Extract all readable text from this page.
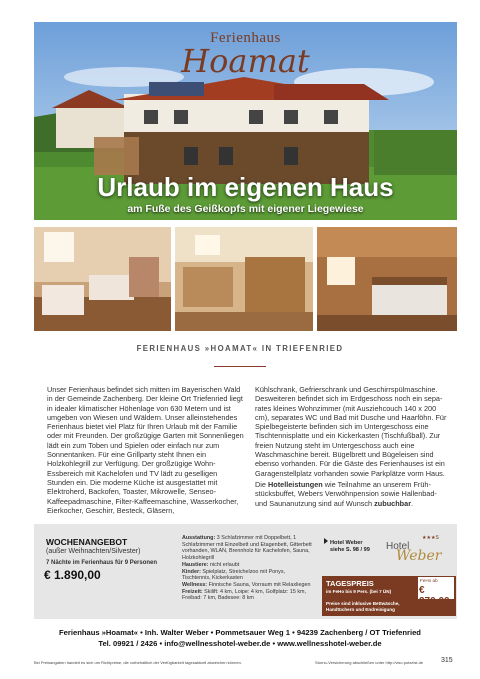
Ferienhaus
Hoamat
Urlaub im eigenen Haus
am Fuße des Geißkopfs mit eigener Liegewiese
FERIENHAUS »HOAMAT« IN TRIEFENRIED

Unser Ferienhaus befindet sich mitten im Bayerischen Wald in der Gemeinde Zachenberg. Der kleine Ort Triefenried liegt in idealer klimatischer Höhenlage von 630 Metern und ist umgeben von Wiesen und Wäldern. Unser alleinstehendes Ferienhaus bietet viel Platz für Ihren Urlaub mit der Familie oder mit Freunden. Der großzügige Garten mit Sonnenliegen lädt ein zum Toben und Spielen oder einfach nur zum Sonnentanken. Für eine Grillparty steht Ihnen ein Holzkohlegrill zur Verfügung. Der großzügige Wohn-Essbereich mit Kachelofen und TV lädt zu geselligen Stunden ein. Die moderne Küche ist ausgestattet mit Elektroherd, Backofen, Toaster, Mikrowelle, Senseo-Kaffeepadmaschine, Filter-Kaffeemaschine, Wasserkocher, Eierkocher, Geschirr, Besteck, Gläsern,

Kühlschrank, Gefrierschrank und Geschirrspülmaschine. Desweiteren befindet sich im Erdgeschoss noch ein separates kleines Wohnzimmer (mit Ausziehcouch 140 x 200 cm), separates WC und Bad mit Dusche und Haarföhn. Für Spielbegeisterte befinden sich im Untergeschoss eine Tischtennisplatte und ein Kickerkasten (Tischfußball). Zur freien Nutzung steht im Untergeschoss auch eine Waschmaschine bereit. Bügelbrett und Bügeleisen sind ebenso vorhanden. Für die Gäste des Ferienhauses ist ein Garagenstellplatz vorhanden sowie Parkplätze vorm Haus.

Die Hotelleistungen wie Teilnahme an unserem Frühstücksbuffet, Webers Verwöhnpension sowie Hallenbad- und Saunanutzung sind auf Wunsch zubuchbar.

WOCHENANGEBOT
(außer Weihnachten/Silvester)
7 Nächte im Ferienhaus für 9 Personen
€ 1.890,00
Ausstattung: 3 Schlafzimmer mit Doppelbett, 1 Schlafzimmer mit Einzelbett und Etagenbett, Gitterbett vorhanden, WLAN, Brennholz für Kachelofen, Sauna, Holzkohlegrill
Haustiere: nicht erlaubt
Kinder: Spielplatz, Streichelzoo mit Ponys, Tischtennis, Kickerkasten
Wellness: Finnische Sauna, Vorraum mit Relaxliegen
Freizeit: Skilift: 4 km, Loipe: 4 km, Golfplatz: 15 km, Freibad: 7 km, Badesee: 8 km
Hotel Weber
siehe S. 98 / 99 Hotel
★★★S
Weber
TAGESPREIS
im FeHo bis 9 Pers. (bei 7 ÜN)
Preise sind inklusive Bettwäsche,
Handtüchern und Endreinigung
FeHo ab
€ 270,00
Ferienhaus »Hoamat« • Inh. Walter Weber • Pommetsauer Weg 1 • 94239 Zachenberg / OT Triefenried
Tel. 09921 / 2426 • info@wellnesshotel-weber.de • www.wellnesshotel-weber.de
Bei Preisangaben handelt es sich um Richtpreise, die vorbehaltlich der Verfügbarkeit tagesaktuell abweichen können.	Storno-Versicherung abschließen unter http://viso.putzeist.de	315
